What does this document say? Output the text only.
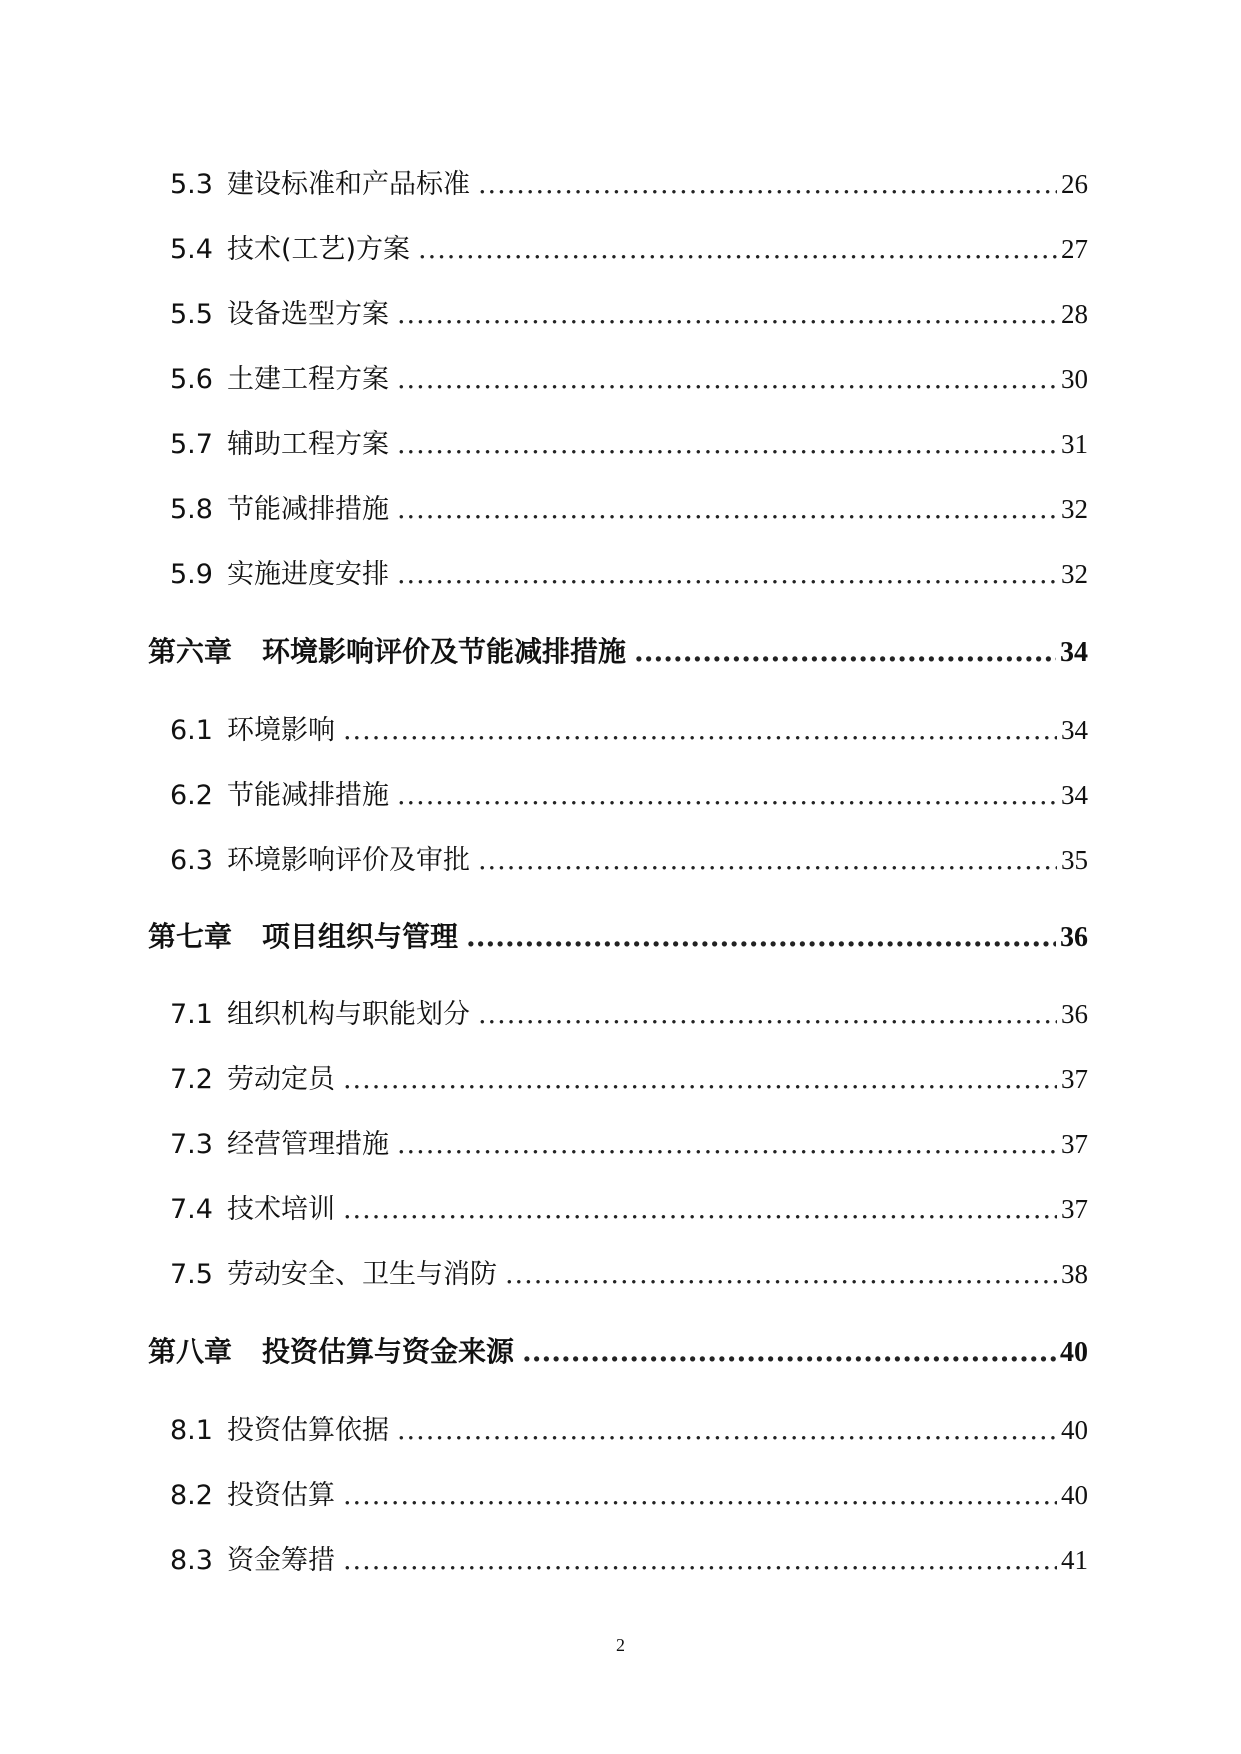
5.3 建设标准和产品标准 .....	26
5.4 技术(工艺)方案 .....	27
5.5 设备选型方案 .....	28
5.6 土建工程方案 .....	30
5.7 辅助工程方案 .....	31
5.8 节能减排措施 .....	32
5.9 实施进度安排 .....	32
第六章 环境影响评价及节能减排措施 .....	34
6.1 环境影响 .....	34
6.2 节能减排措施 .....	34
6.3 环境影响评价及审批 .....	35
第七章 项目组织与管理 .....	36
7.1 组织机构与职能划分 .....	36
7.2 劳动定员 .....	37
7.3 经营管理措施 .....	37
7.4 技术培训 .....	37
7.5 劳动安全、卫生与消防 .....	38
第八章 投资估算与资金来源 .....	40
8.1 投资估算依据 .....	40
8.2 投资估算 .....	40
8.3 资金筹措 .....	41
2
